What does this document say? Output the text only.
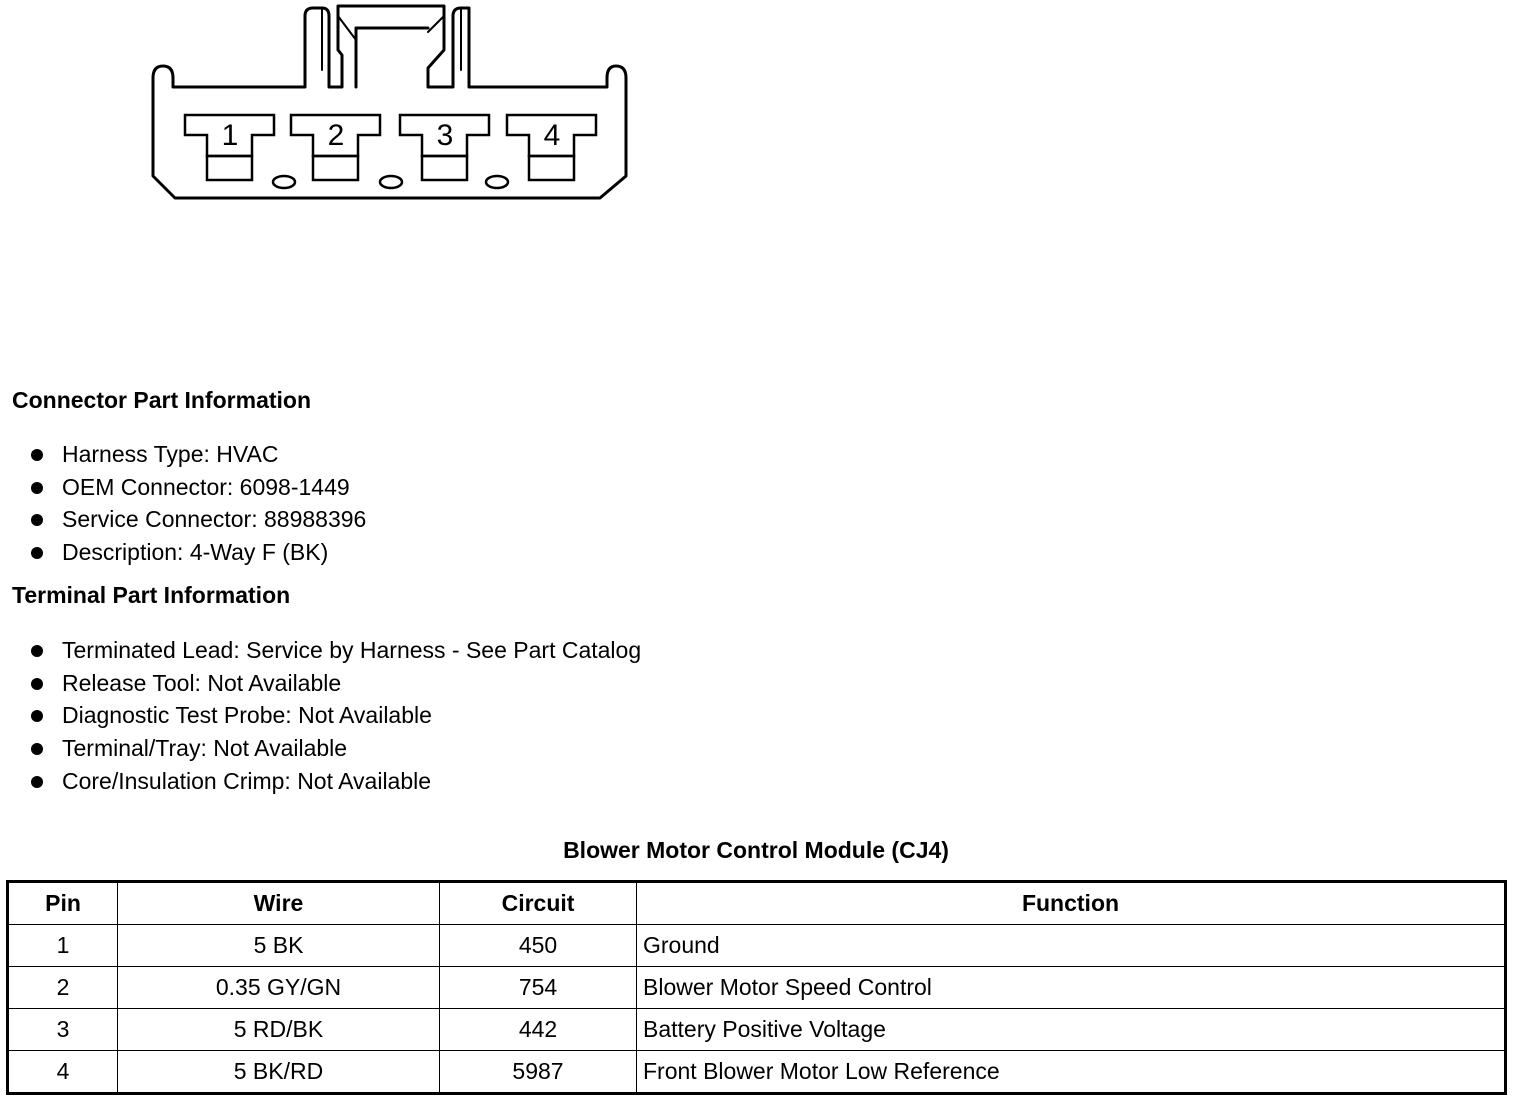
1	2	3	4
Connector Part Information
Harness Type: HVAC
OEM Connector: 6098-1449
Service Connector: 88988396
Description: 4-Way F (BK)
Terminal Part Information
Terminated Lead: Service by Harness - See Part Catalog
Release Tool: Not Available
Diagnostic Test Probe: Not Available
Terminal/Tray: Not Available
Core/Insulation Crimp: Not Available
Blower Motor Control Module (CJ4)
Pin	Wire	Circuit	Function
1	5 BK	450	Ground
2	0.35 GY/GN	754	Blower Motor Speed Control
3	5 RD/BK	442	Battery Positive Voltage
4	5 BK/RD	5987	Front Blower Motor Low Reference
